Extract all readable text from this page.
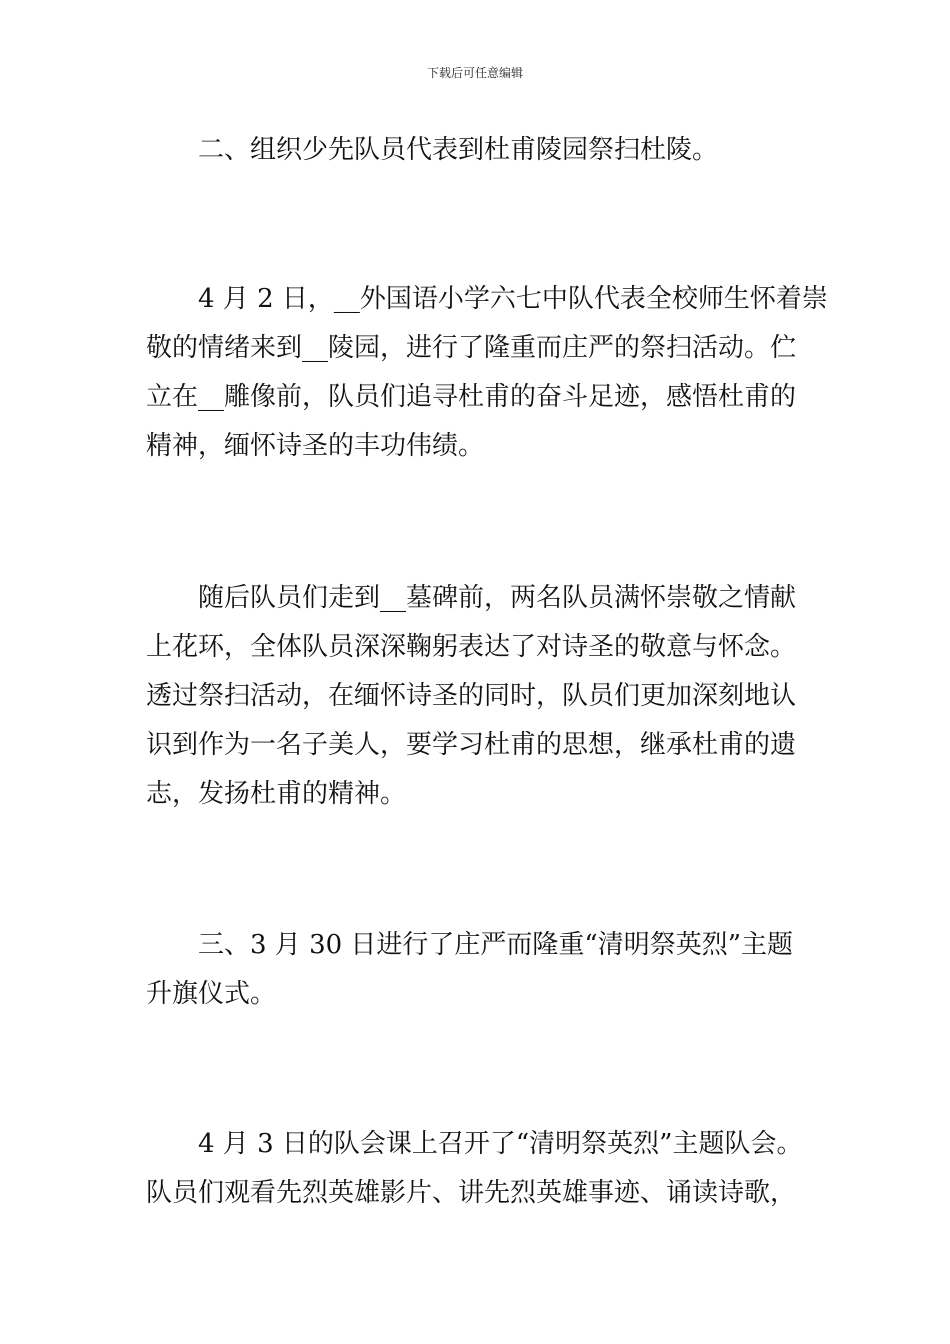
下载后可任意编辑
二、组织少先队员代表到杜甫陵园祭扫杜陵。
4 月 2 日，__外国语小学六七中队代表全校师生怀着崇
敬的情绪来到__陵园，进行了隆重而庄严的祭扫活动。伫
立在__雕像前，队员们追寻杜甫的奋斗足迹，感悟杜甫的
精神，缅怀诗圣的丰功伟绩。
随后队员们走到__墓碑前，两名队员满怀崇敬之情献
上花环，全体队员深深鞠躬表达了对诗圣的敬意与怀念。
透过祭扫活动，在缅怀诗圣的同时，队员们更加深刻地认
识到作为一名子美人，要学习杜甫的思想，继承杜甫的遗
志，发扬杜甫的精神。
三、3 月 30 日进行了庄严而隆重“清明祭英烈”主题
升旗仪式。
4 月 3 日的队会课上召开了“清明祭英烈”主题队会。
队员们观看先烈英雄影片、讲先烈英雄事迹、诵读诗歌，
